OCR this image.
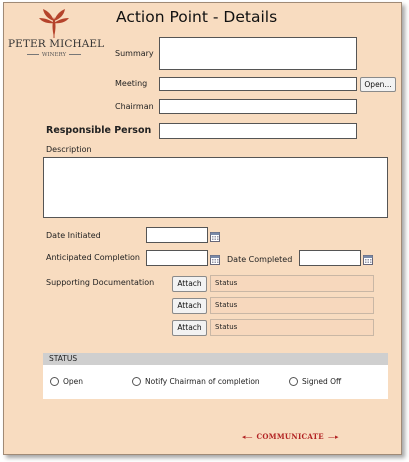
PETER MICHAEL
WINERY
Action Point - Details
Summary
Meeting	Open...
Chairman
Responsible Person
Description
Date Initiated
Anticipated Completion	Date Completed
Supporting Documentation	Attach	Status
Attach	Status
Attach	Status
STATUS
Open	Notify Chairman of completion	Signed Off
◂— COMMUNICATE —▸
